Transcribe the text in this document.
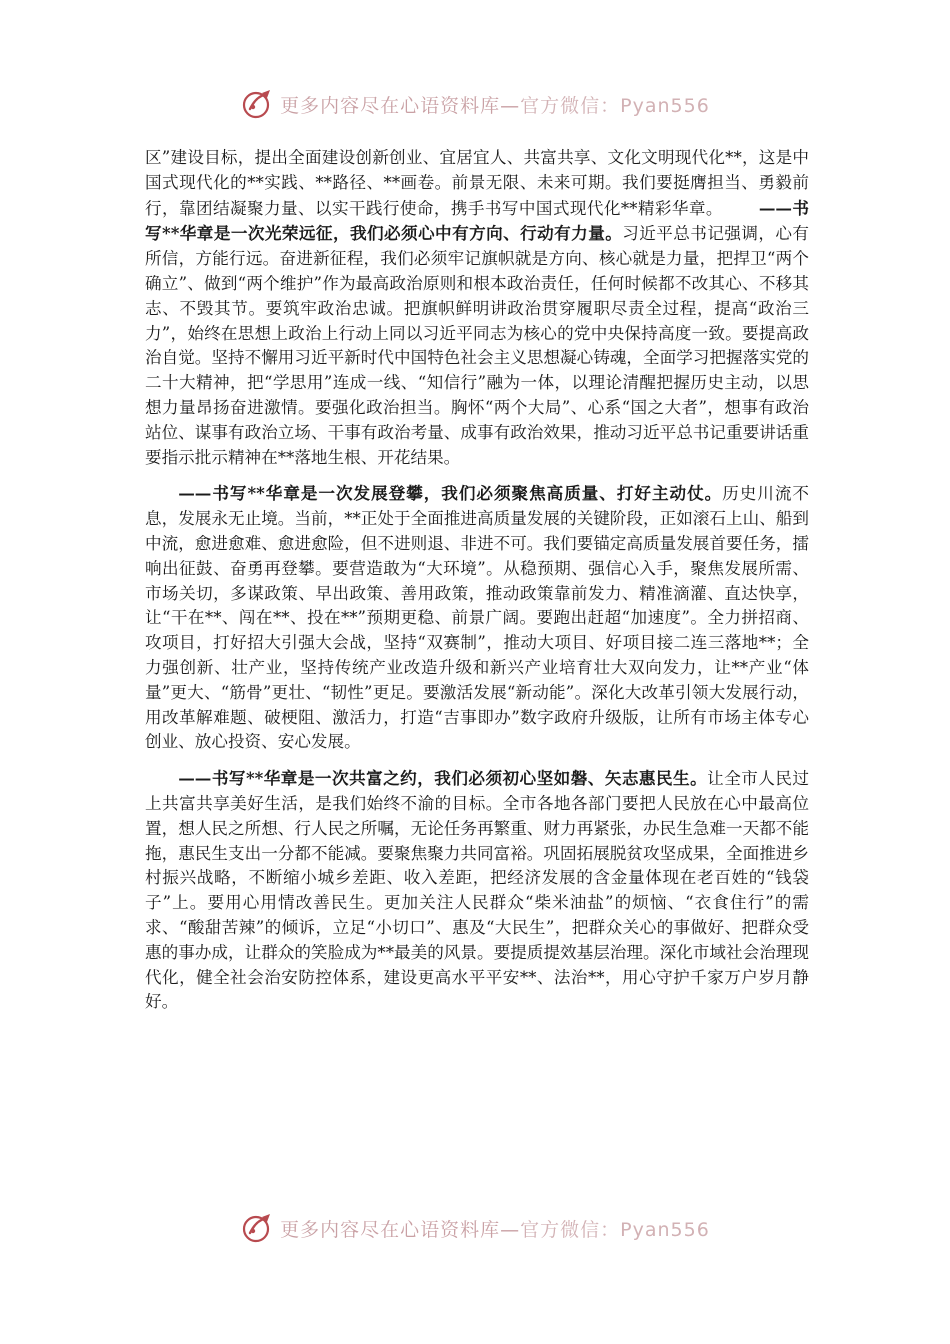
更多内容尽在心语资料库—官方微信：Pyan556

区”建设目标，提出全面建设创新创业、宜居宜人、共富共享、文化文明现代化**，这是中国式现代化的**实践、**路径、**画卷。前景无限、未来可期。我们要挺膺担当、勇毅前行，靠团结凝聚力量、以实干践行使命，携手书写中国式现代化**精彩华章。 ——书写**华章是一次光荣远征，我们必须心中有方向、行动有力量。习近平总书记强调，心有所信，方能行远。奋进新征程，我们必须牢记旗帜就是方向、核心就是力量，把捍卫“两个确立”、做到“两个维护”作为最高政治原则和根本政治责任，任何时候都不改其心、不移其志、不毁其节。要筑牢政治忠诚。把旗帜鲜明讲政治贯穿履职尽责全过程，提高“政治三力”，始终在思想上政治上行动上同以习近平同志为核心的党中央保持高度一致。要提高政治自觉。坚持不懈用习近平新时代中国特色社会主义思想凝心铸魂，全面学习把握落实党的二十大精神，把“学思用”连成一线、“知信行”融为一体，以理论清醒把握历史主动，以思想力量昂扬奋进激情。要强化政治担当。胸怀“两个大局”、心系“国之大者”，想事有政治站位、谋事有政治立场、干事有政治考量、成事有政治效果，推动习近平总书记重要讲话重要指示批示精神在**落地生根、开花结果。

——书写**华章是一次发展登攀，我们必须聚焦高质量、打好主动仗。历史川流不息，发展永无止境。当前，**正处于全面推进高质量发展的关键阶段，正如滚石上山、船到中流，愈进愈难、愈进愈险，但不进则退、非进不可。我们要锚定高质量发展首要任务，擂响出征鼓、奋勇再登攀。要营造敢为“大环境”。从稳预期、强信心入手，聚焦发展所需、市场关切，多谋政策、早出政策、善用政策，推动政策靠前发力、精准滴灌、直达快享，让“干在**、闯在**、投在**”预期更稳、前景广阔。要跑出赶超“加速度”。全力拼招商、攻项目，打好招大引强大会战，坚持“双赛制”，推动大项目、好项目接二连三落地**；全力强创新、壮产业，坚持传统产业改造升级和新兴产业培育壮大双向发力，让**产业“体量”更大、“筋骨”更壮、“韧性”更足。要激活发展“新动能”。深化大改革引领大发展行动，用改革解难题、破梗阻、激活力，打造“吉事即办”数字政府升级版，让所有市场主体专心创业、放心投资、安心发展。

——书写**华章是一次共富之约，我们必须初心坚如磐、矢志惠民生。让全市人民过上共富共享美好生活，是我们始终不渝的目标。全市各地各部门要把人民放在心中最高位置，想人民之所想、行人民之所嘱，无论任务再繁重、财力再紧张，办民生急难一天都不能拖，惠民生支出一分都不能减。要聚焦聚力共同富裕。巩固拓展脱贫攻坚成果，全面推进乡村振兴战略，不断缩小城乡差距、收入差距，把经济发展的含金量体现在老百姓的“钱袋子”上。要用心用情改善民生。更加关注人民群众“柴米油盐”的烦恼、“衣食住行”的需求、“酸甜苦辣”的倾诉，立足“小切口”、惠及“大民生”，把群众关心的事做好、把群众受惠的事办成，让群众的笑脸成为**最美的风景。要提质提效基层治理。深化市域社会治理现代化，健全社会治安防控体系，建设更高水平平安**、法治**，用心守护千家万户岁月静好。

更多内容尽在心语资料库—官方微信：Pyan556
